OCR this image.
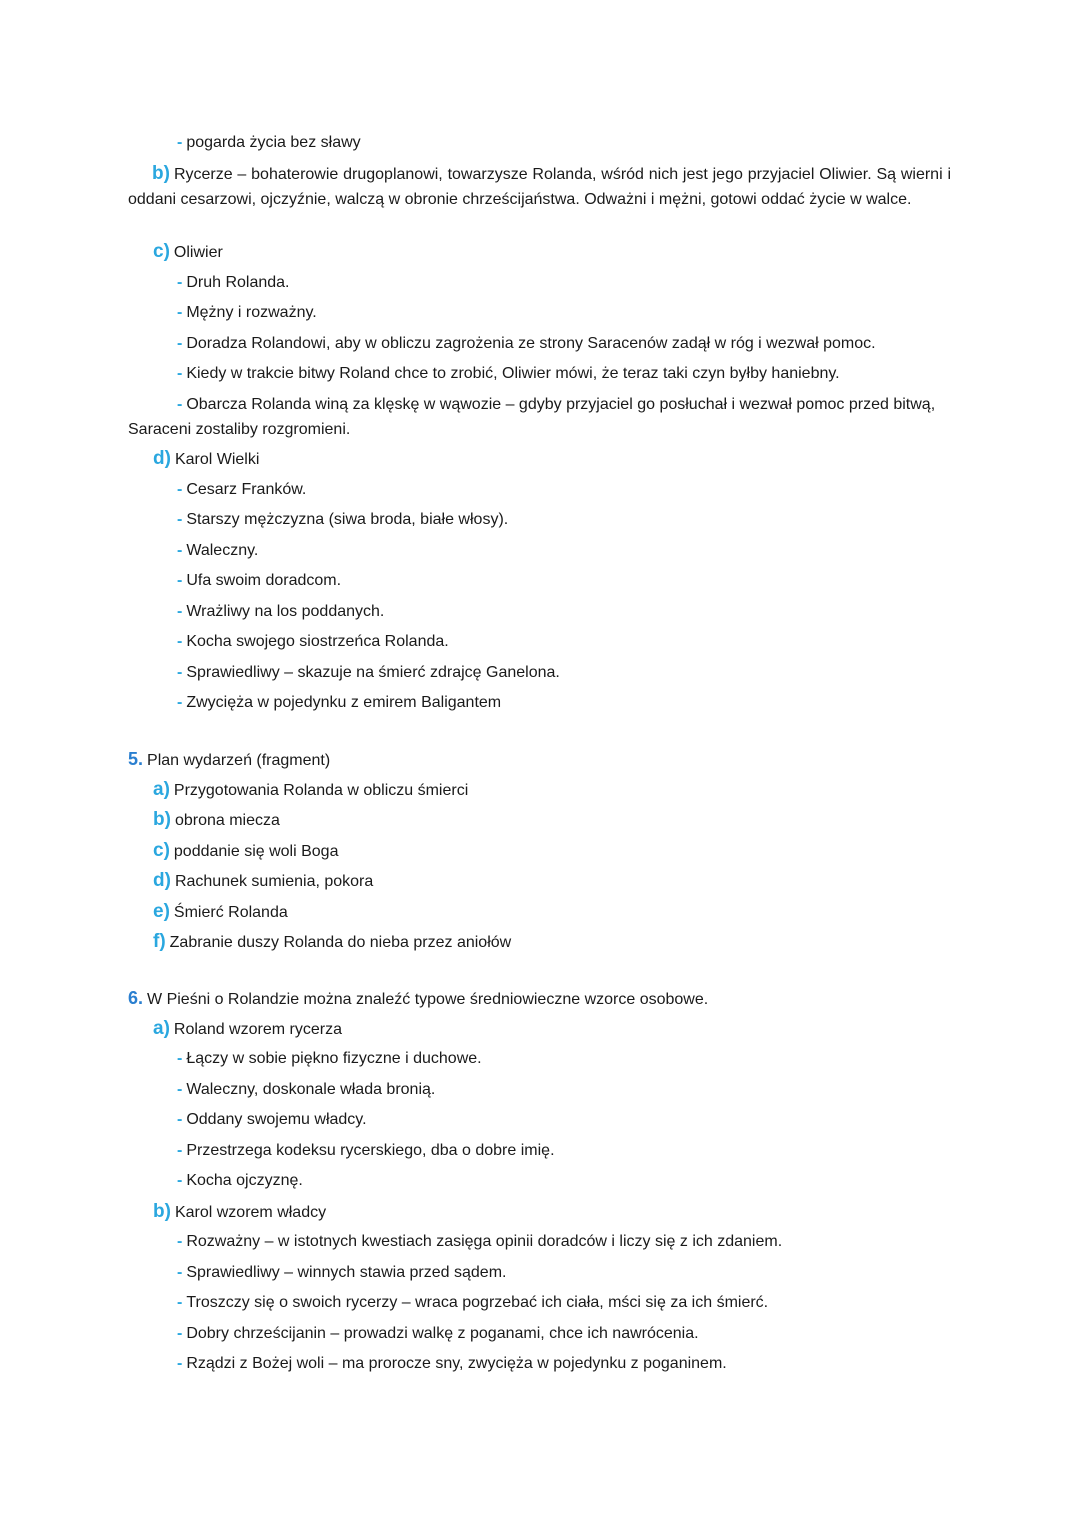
- pogarda życia bez sławy
b) Rycerze – bohaterowie drugoplanowi, towarzysze Rolanda, wśród nich jest jego przyjaciel Oliwier. Są wierni i oddani cesarzowi, ojczyźnie, walczą w obronie chrześcijaństwa. Odważni i mężni, gotowi oddać życie w walce.
c) Oliwier
- Druh Rolanda.
- Mężny i rozważny.
- Doradza Rolandowi, aby w obliczu zagrożenia ze strony Saracenów zadął w róg i wezwał pomoc.
- Kiedy w trakcie bitwy Roland chce to zrobić, Oliwier mówi, że teraz taki czyn byłby haniebny.
- Obarcza Rolanda winą za klęskę w wąwozie – gdyby przyjaciel go posłuchał i wezwał pomoc przed bitwą,
Saraceni zostaliby rozgromieni.
d) Karol Wielki
- Cesarz Franków.
- Starszy mężczyzna (siwa broda, białe włosy).
- Waleczny.
- Ufa swoim doradcom.
- Wrażliwy na los poddanych.
- Kocha swojego siostrzeńca Rolanda.
- Sprawiedliwy – skazuje na śmierć zdrajcę Ganelona.
- Zwycięża w pojedynku z emirem Baligantem
5. Plan wydarzeń (fragment)
a) Przygotowania Rolanda w obliczu śmierci
b) obrona miecza
c) poddanie się woli Boga
d) Rachunek sumienia, pokora
e) Śmierć Rolanda
f) Zabranie duszy Rolanda do nieba przez aniołów
6. W Pieśni o Rolandzie można znaleźć typowe średniowieczne wzorce osobowe.
a) Roland wzorem rycerza
- Łączy w sobie piękno fizyczne i duchowe.
- Waleczny, doskonale włada bronią.
- Oddany swojemu władcy.
- Przestrzega kodeksu rycerskiego, dba o dobre imię.
- Kocha ojczyznę.
b) Karol wzorem władcy
- Rozważny – w istotnych kwestiach zasięga opinii doradców i liczy się z ich zdaniem.
- Sprawiedliwy – winnych stawia przed sądem.
- Troszczy się o swoich rycerzy – wraca pogrzebać ich ciała, mści się za ich śmierć.
- Dobry chrześcijanin – prowadzi walkę z poganami, chce ich nawrócenia.
- Rządzi z Bożej woli – ma prorocze sny, zwycięża w pojedynku z poganinem.
